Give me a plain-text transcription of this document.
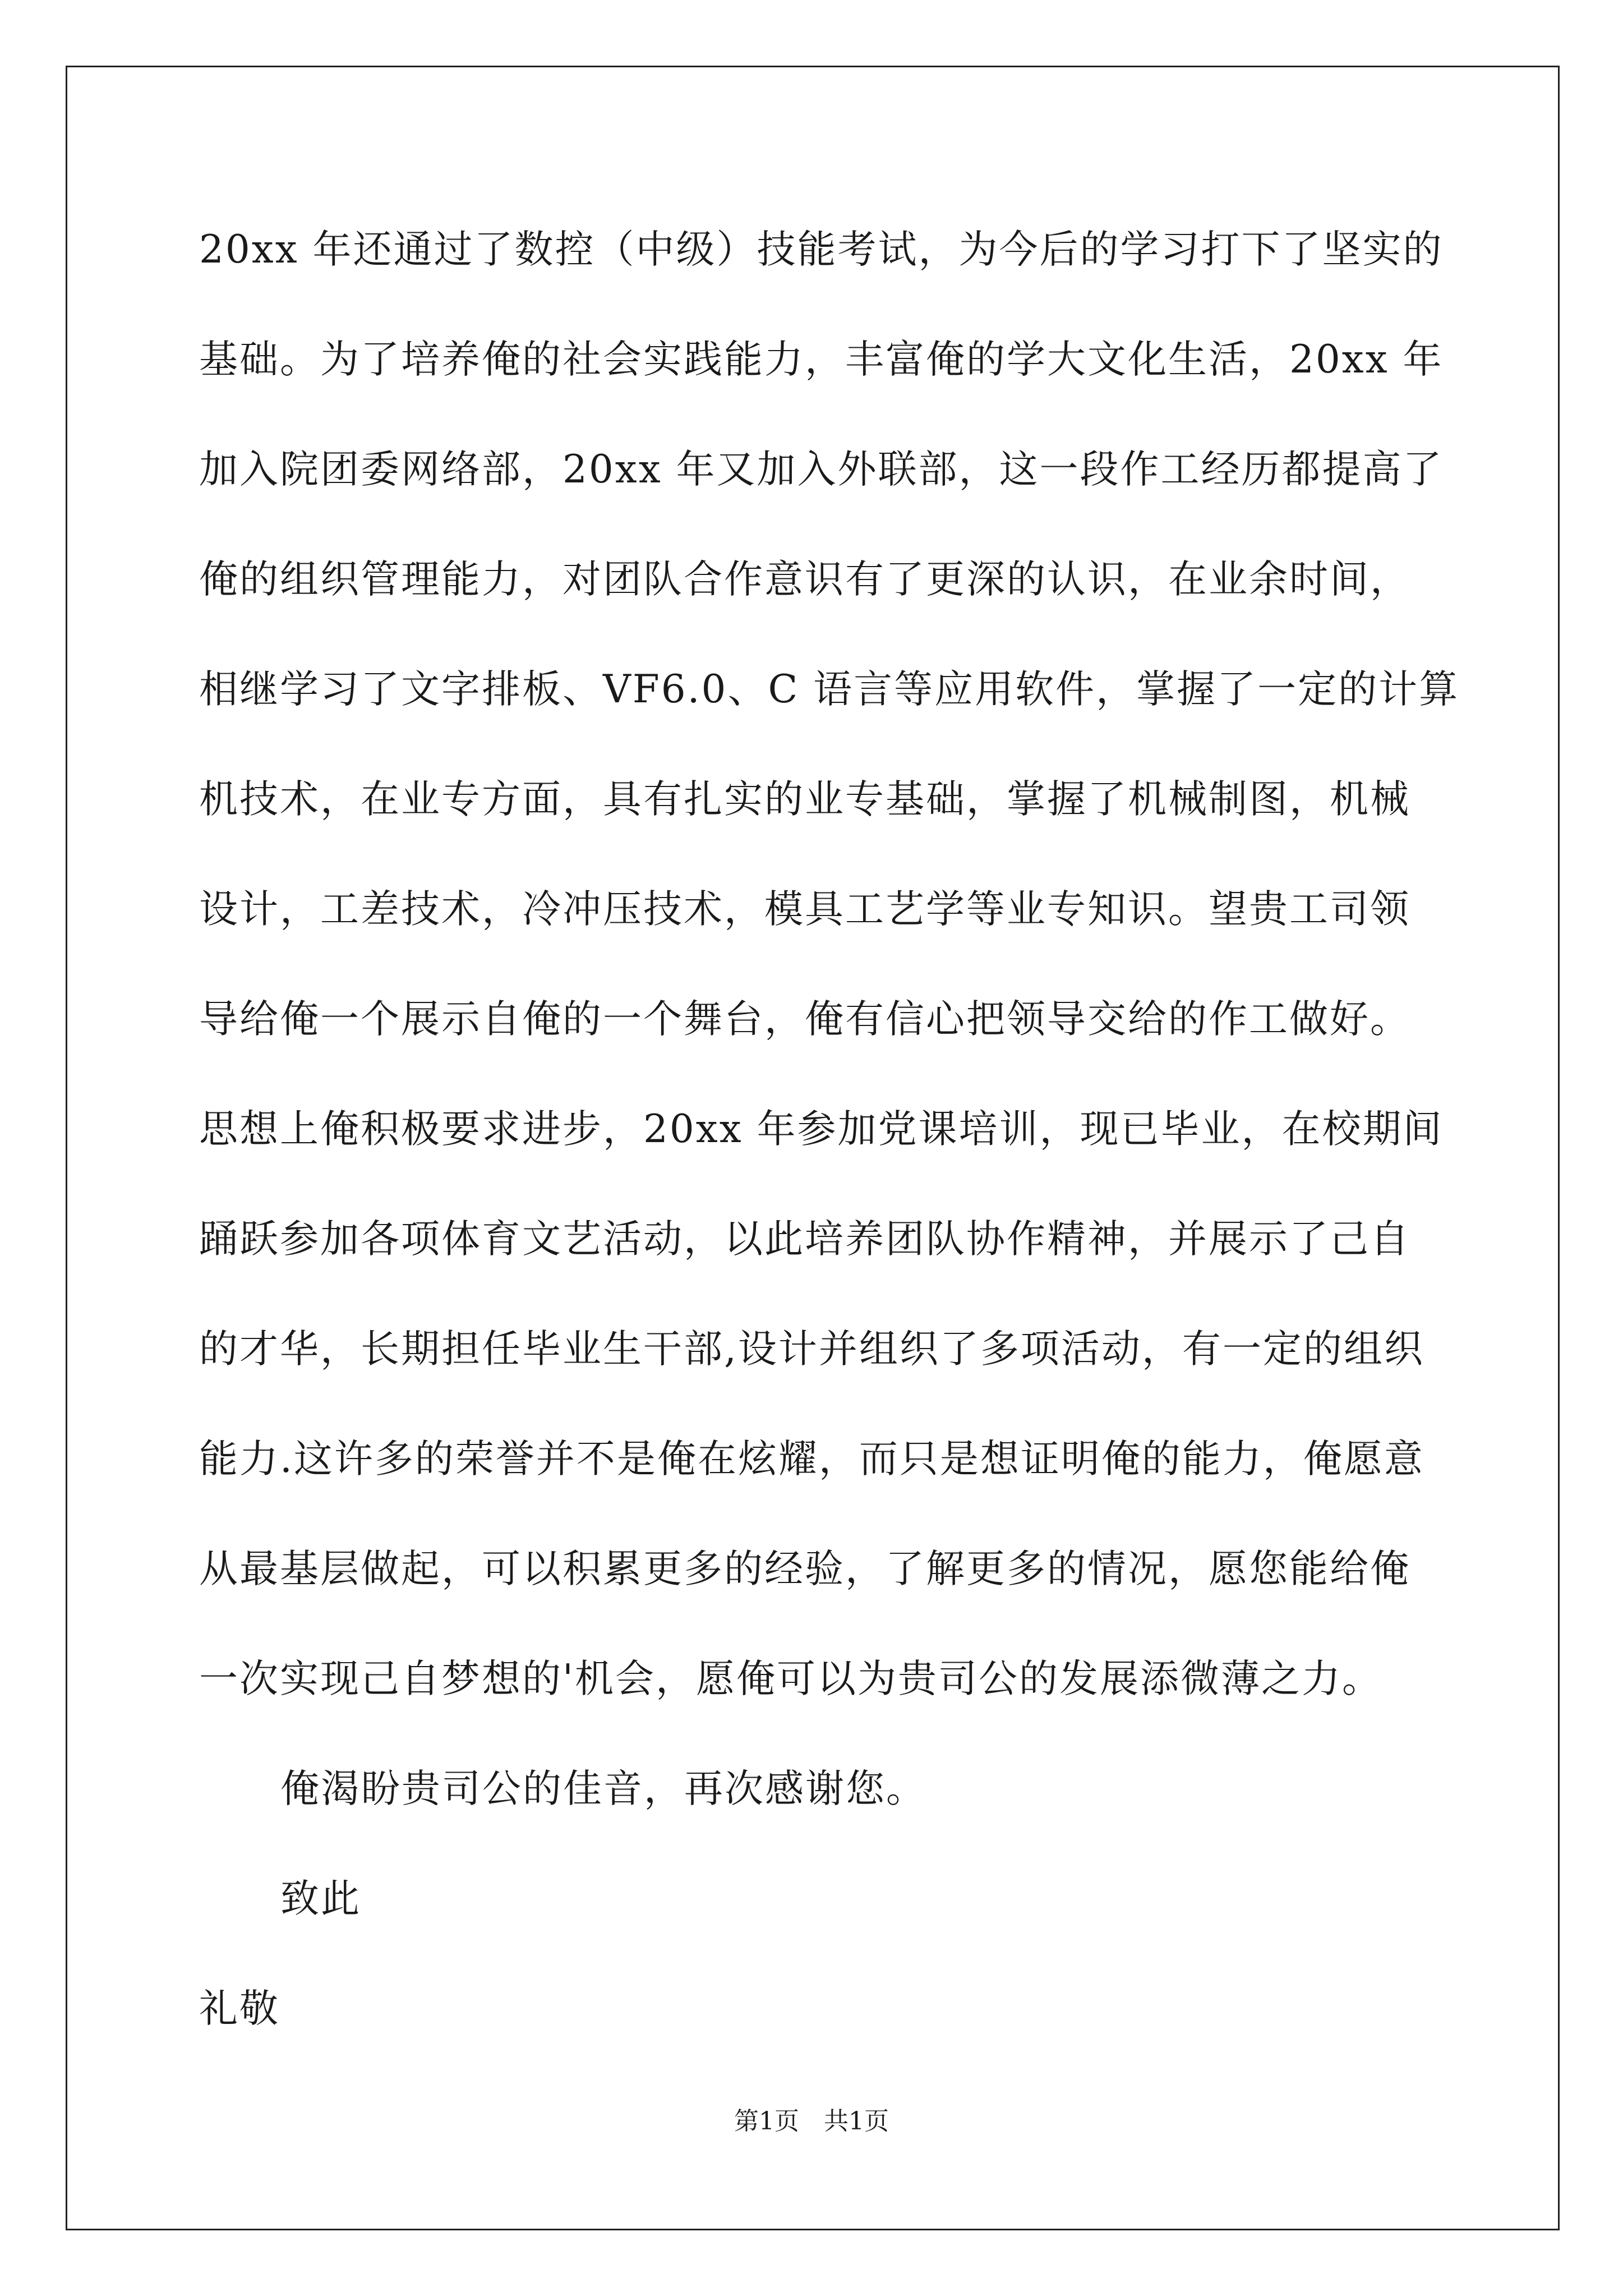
20xx 年还通过了数控（中级）技能考试，为今后的学习打下了坚实的
基础。为了培养俺的社会实践能力，丰富俺的学大文化生活，20xx 年
加入院团委网络部，20xx 年又加入外联部，这一段作工经历都提高了
俺的组织管理能力，对团队合作意识有了更深的认识，在业余时间，
相继学习了文字排板、VF6.0、C 语言等应用软件，掌握了一定的计算
机技术，在业专方面，具有扎实的业专基础，掌握了机械制图，机械
设计，工差技术，冷冲压技术，模具工艺学等业专知识。望贵工司领
导给俺一个展示自俺的一个舞台，俺有信心把领导交给的作工做好。
思想上俺积极要求进步，20xx 年参加党课培训，现已毕业，在校期间
踊跃参加各项体育文艺活动，以此培养团队协作精神，并展示了己自
的才华，长期担任毕业生干部,设计并组织了多项活动，有一定的组织
能力.这许多的荣誉并不是俺在炫耀，而只是想证明俺的能力，俺愿意
从最基层做起，可以积累更多的经验，了解更多的情况，愿您能给俺
一次实现己自梦想的'机会，愿俺可以为贵司公的发展添微薄之力。
俺渴盼贵司公的佳音，再次感谢您。
致此
礼敬
第1页　共1页
